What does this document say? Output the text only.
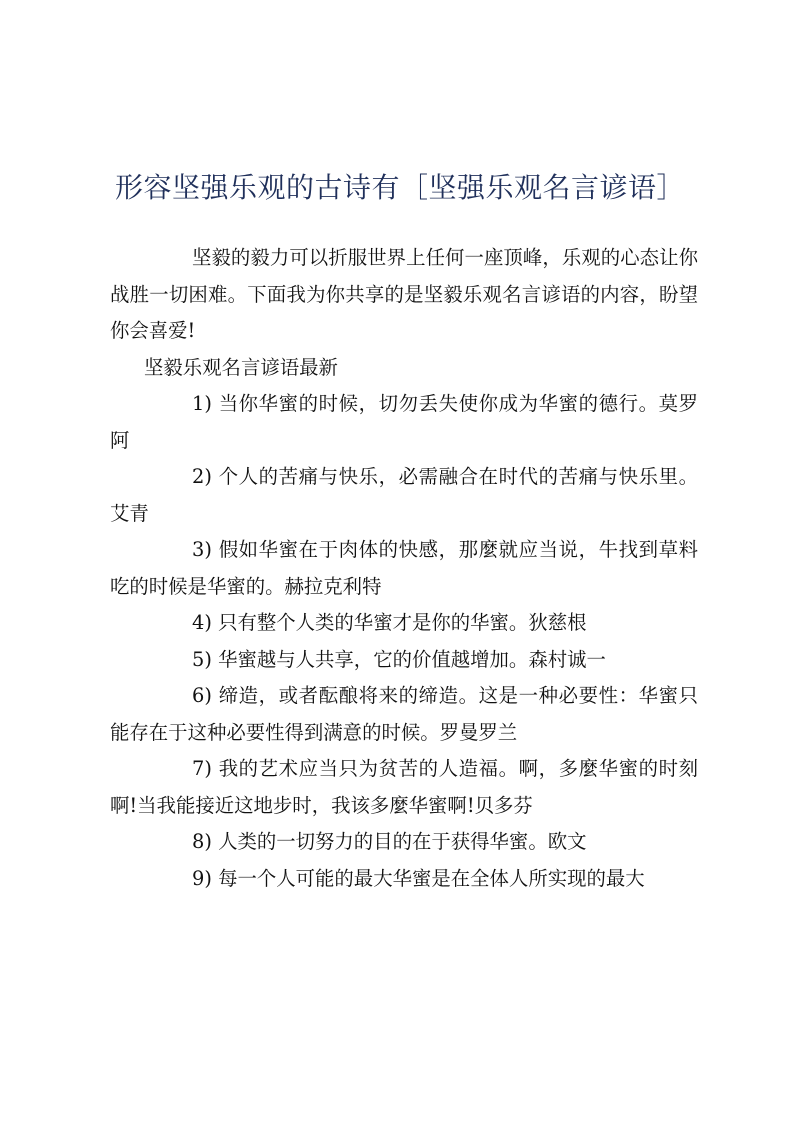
形容坚强乐观的古诗有［坚强乐观名言谚语］

坚毅的毅力可以折服世界上任何一座顶峰，乐观的心态让你战胜一切困难。下面我为你共享的是坚毅乐观名言谚语的内容，盼望你会喜爱!

坚毅乐观名言谚语最新

1) 当你华蜜的时候，切勿丢失使你成为华蜜的德行。莫罗阿

2) 个人的苦痛与快乐，必需融合在时代的苦痛与快乐里。艾青

3) 假如华蜜在于肉体的快感，那麼就应当说，牛找到草料吃的时候是华蜜的。赫拉克利特

4) 只有整个人类的华蜜才是你的华蜜。狄慈根

5) 华蜜越与人共享，它的价值越增加。森村诚一

6) 缔造，或者酝酿将来的缔造。这是一种必要性：华蜜只能存在于这种必要性得到满意的时候。罗曼罗兰

7) 我的艺术应当只为贫苦的人造福。啊，多麼华蜜的时刻啊!当我能接近这地步时，我该多麼华蜜啊!贝多芬

8) 人类的一切努力的目的在于获得华蜜。欧文

9) 每一个人可能的最大华蜜是在全体人所实现的最大
